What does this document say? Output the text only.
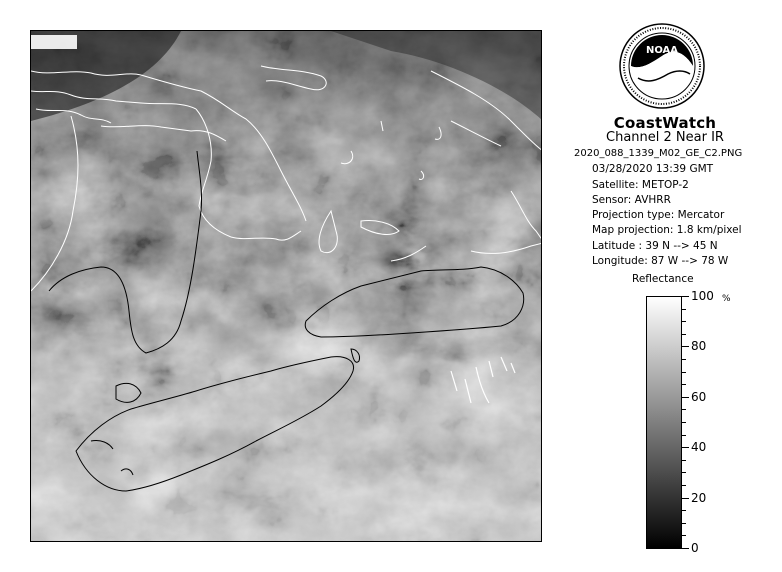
NOAA
CoastWatch
Channel 2 Near IR
2020_088_1339_M02_GE_C2.PNG
03/28/2020 13:39 GMT
Satellite: METOP-2
Sensor: AVHRR
Projection type: Mercator
Map projection: 1.8 km/pixel
Latitude : 39 N --> 45 N
Longitude: 87 W --> 78 W
Reflectance
100
80
60
40
20
0
%
